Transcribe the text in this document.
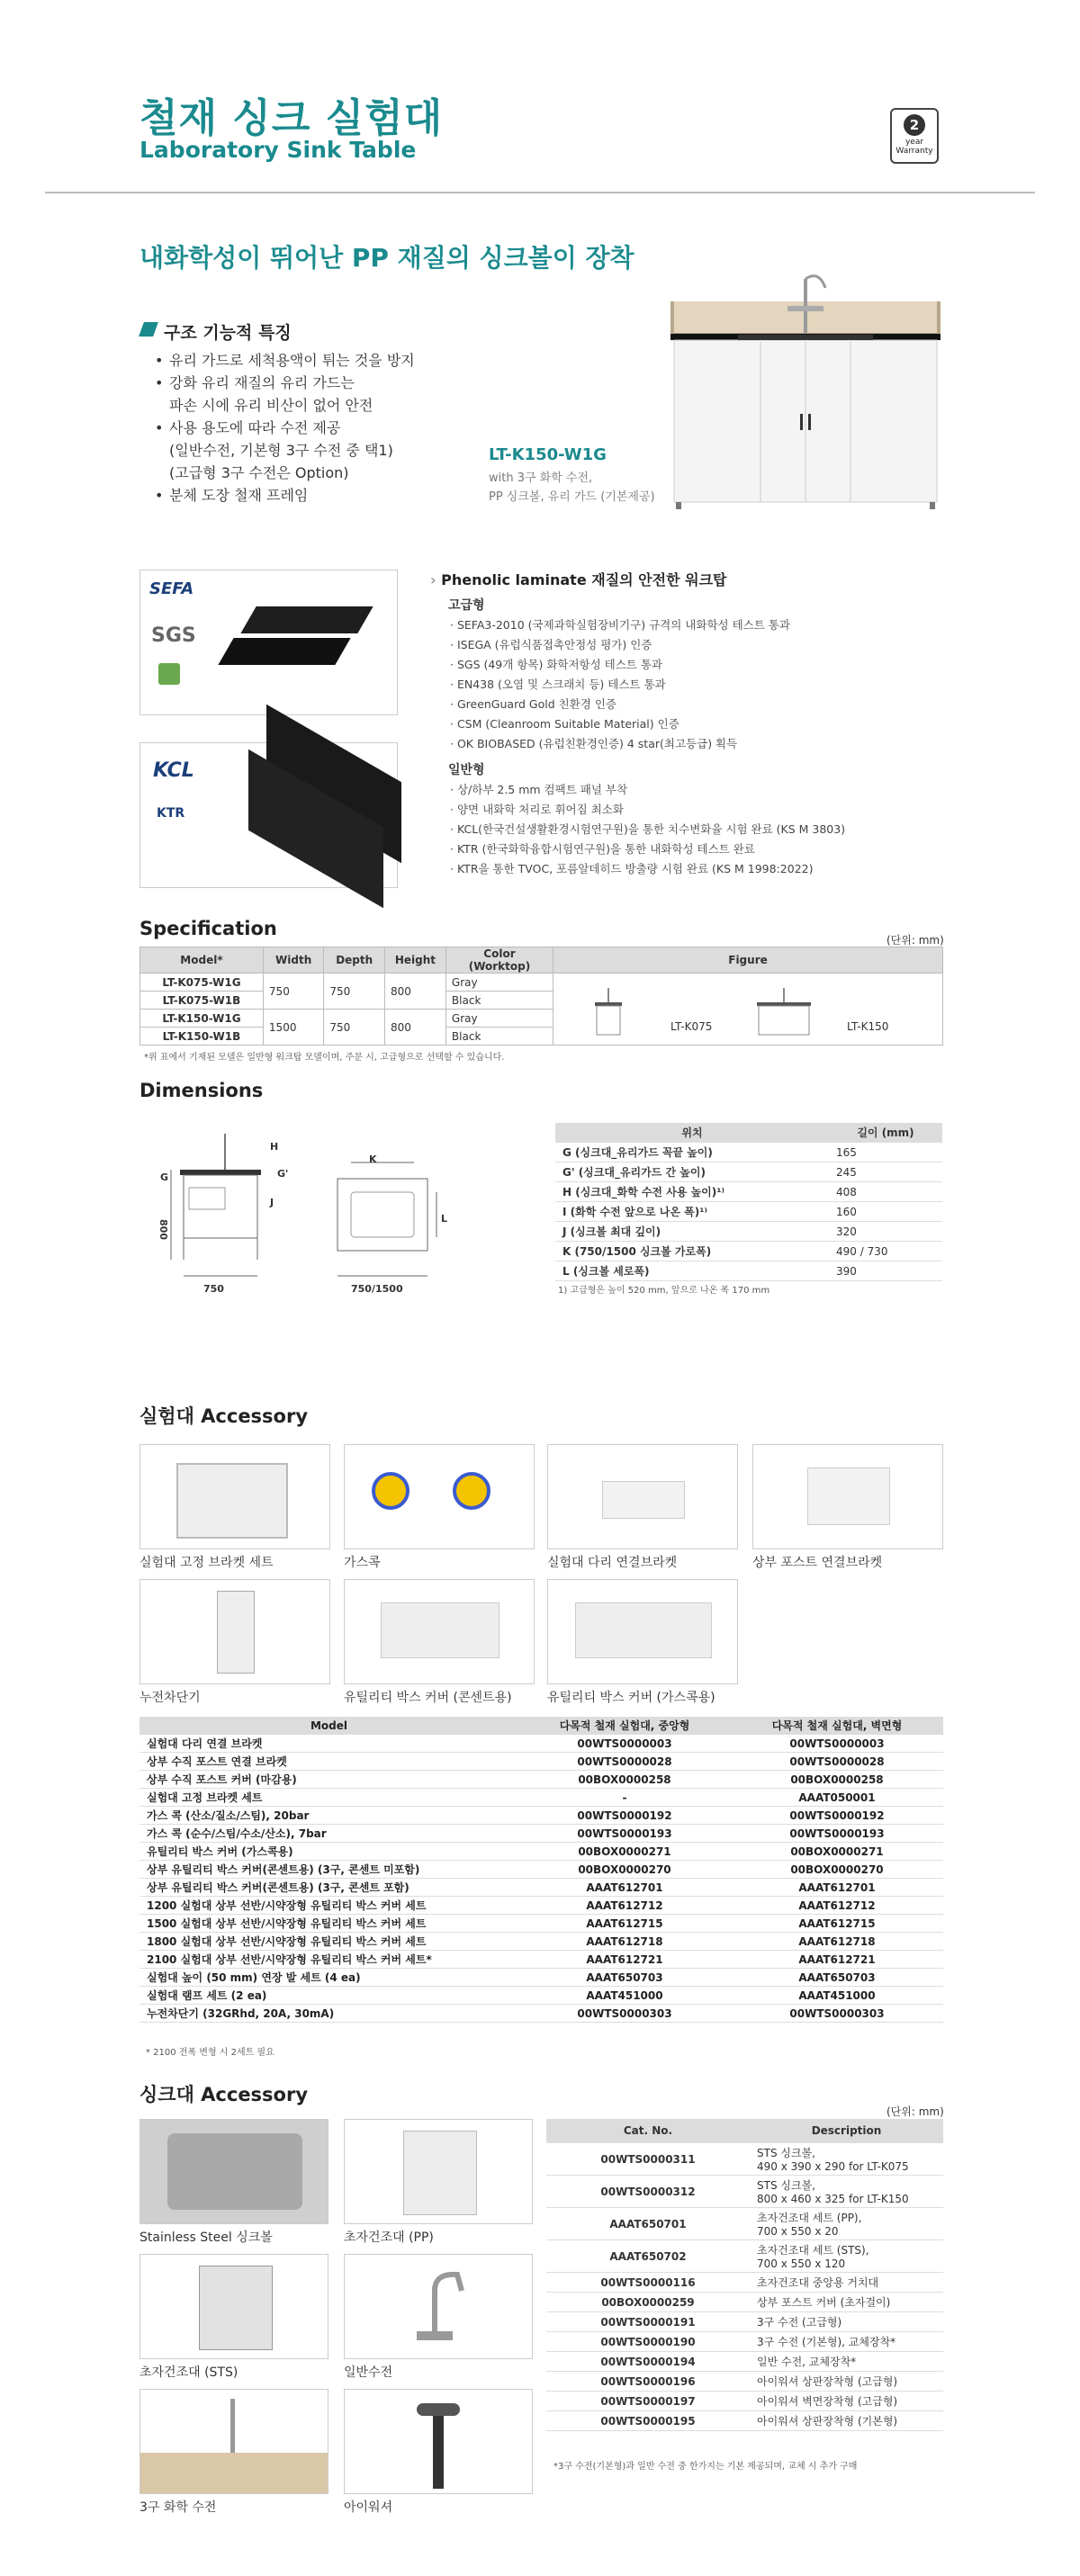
철재 싱크 실험대
Laboratory Sink Table
2
year
Warranty
내화학성이 뛰어난 PP 재질의 싱크볼이 장착
구조 기능적 특징
• 유리 가드로 세척용액이 튀는 것을 방지
• 강화 유리 재질의 유리 가드는
파손 시에 유리 비산이 없어 안전
• 사용 용도에 따라 수전 제공
(일반수전, 기본형 3구 수전 중 택1)
(고급형 3구 수전은 Option)
• 분체 도장 철재 프레임
LT-K150-W1G
with 3구 화학 수전,
PP 싱크볼, 유리 가드 (기본제공)
SEFA
SGS
KCL
KTR
› Phenolic laminate 재질의 안전한 워크탑
고급형
· SEFA3-2010 (국제과학실험장비기구) 규격의 내화학성 테스트 통과
· ISEGA (유럽식품접촉안정성 평가) 인증
· SGS (49개 항목) 화학저항성 테스트 통과
· EN438 (오염 및 스크래치 등) 테스트 통과
· GreenGuard Gold 친환경 인증
· CSM (Cleanroom Suitable Material) 인증
· OK BIOBASED (유럽친환경인증) 4 star(최고등급) 획득
일반형
· 상/하부 2.5 mm 컴팩트 패널 부착
· 양면 내화학 처리로 휘어짐 최소화
· KCL(한국건설생활환경시험연구원)을 통한 치수변화율 시험 완료 (KS M 3803)
· KTR (한국화학융합시험연구원)을 통한 내화학성 테스트 완료
· KTR을 통한 TVOC, 포름알데히드 방출량 시험 완료 (KS M 1998:2022)
Specification
(단위: mm)
Model*	Width	Depth	Height	Color (Worktop)	Figure
LT-K075-W1G	750	750	800	Gray	LT-K075 LT-K150

LT-K075-W1B				Black	
LT-K150-W1G	1500	750	800	Gray	
LT-K150-W1B				Black	
*위 표에서 기재된 모델은 일반형 워크탑 모델이며, 주문 시, 고급형으로 선택할 수 있습니다.
Dimensions
H
G	G'
J
K
L
800
750	750/1500
위치	길이 (mm)
G (싱크대_유리가드 꼭끝 높이)	165
G' (싱크대_유리가드 간 높이)	245
H (싱크대_화학 수전 사용 높이)¹⁾	408
I (화학 수전 앞으로 나온 폭)¹⁾	160
J (싱크볼 최대 깊이)	320
K (750/1500 싱크볼 가로폭)	490 / 730
L (싱크볼 세로폭)	390
1) 고급형은 높이 520 mm, 앞으로 나온 폭 170 mm
실험대 Accessory
실험대 고정 브라켓 세트	가스콕	실험대 다리 연결브라켓	상부 포스트 연결브라켓
누전차단기	유틸리티 박스 커버 (콘센트용)	유틸리티 박스 커버 (가스콕용)
Model	다목적 철재 실험대, 중앙형	다목적 철재 실험대, 벽면형
실험대 다리 연결 브라켓	00WTS0000003	00WTS0000003
상부 수직 포스트 연결 브라켓	00WTS0000028	00WTS0000028
상부 수직 포스트 커버 (마감용)	00BOX0000258	00BOX0000258
실험대 고정 브라켓 세트	-	AAAT050001
가스 콕 (산소/질소/스팀), 20bar	00WTS0000192	00WTS0000192
가스 콕 (순수/스팀/수소/산소), 7bar	00WTS0000193	00WTS0000193
유틸리티 박스 커버 (가스콕용)	00BOX0000271	00BOX0000271
상부 유틸리티 박스 커버(콘센트용) (3구, 콘센트 미포함)	00BOX0000270	00BOX0000270
상부 유틸리티 박스 커버(콘센트용) (3구, 콘센트 포함)	AAAT612701	AAAT612701
1200 실험대 상부 선반/시약장형 유틸리티 박스 커버 세트	AAAT612712	AAAT612712
1500 실험대 상부 선반/시약장형 유틸리티 박스 커버 세트	AAAT612715	AAAT612715
1800 실험대 상부 선반/시약장형 유틸리티 박스 커버 세트	AAAT612718	AAAT612718
2100 실험대 상부 선반/시약장형 유틸리티 박스 커버 세트*	AAAT612721	AAAT612721
실험대 높이 (50 mm) 연장 발 세트 (4 ea)	AAAT650703	AAAT650703
실험대 램프 세트 (2 ea)	AAAT451000	AAAT451000
누전차단기 (32GRhd, 20A, 30mA)	00WTS0000303	00WTS0000303
* 2100 전폭 변형 시 2세트 필요
싱크대 Accessory
(단위: mm)
Stainless Steel 싱크볼	초자건조대 (PP)
초자건조대 (STS)	일반수전
3구 화학 수전	아이워셔
Cat. No.	Description
00WTS0000311	STS 싱크볼,
490 x 390 x 290 for LT-K075

00WTS0000312	STS 싱크볼,
800 x 460 x 325 for LT-K150

AAAT650701	초자건조대 세트 (PP),
700 x 550 x 20

AAAT650702	초자건조대 세트 (STS),
700 x 550 x 120

00WTS0000116	초자건조대 중앙용 거치대

00BOX0000259	상부 포스트 커버 (초자걸이)

00WTS0000191	3구 수전 (고급형)

00WTS0000190	3구 수전 (기본형), 교체장착*

00WTS0000194	일반 수전, 교체장착*

00WTS0000196	아이워셔 상판장착형 (고급형)

00WTS0000197	아이워셔 벽면장착형 (고급형)

00WTS0000195	아이워셔 상판장착형 (기본형)
*3구 수전(기본형)과 일반 수전 중 한가지는 기본 제공되며, 교체 시 추가 구매
